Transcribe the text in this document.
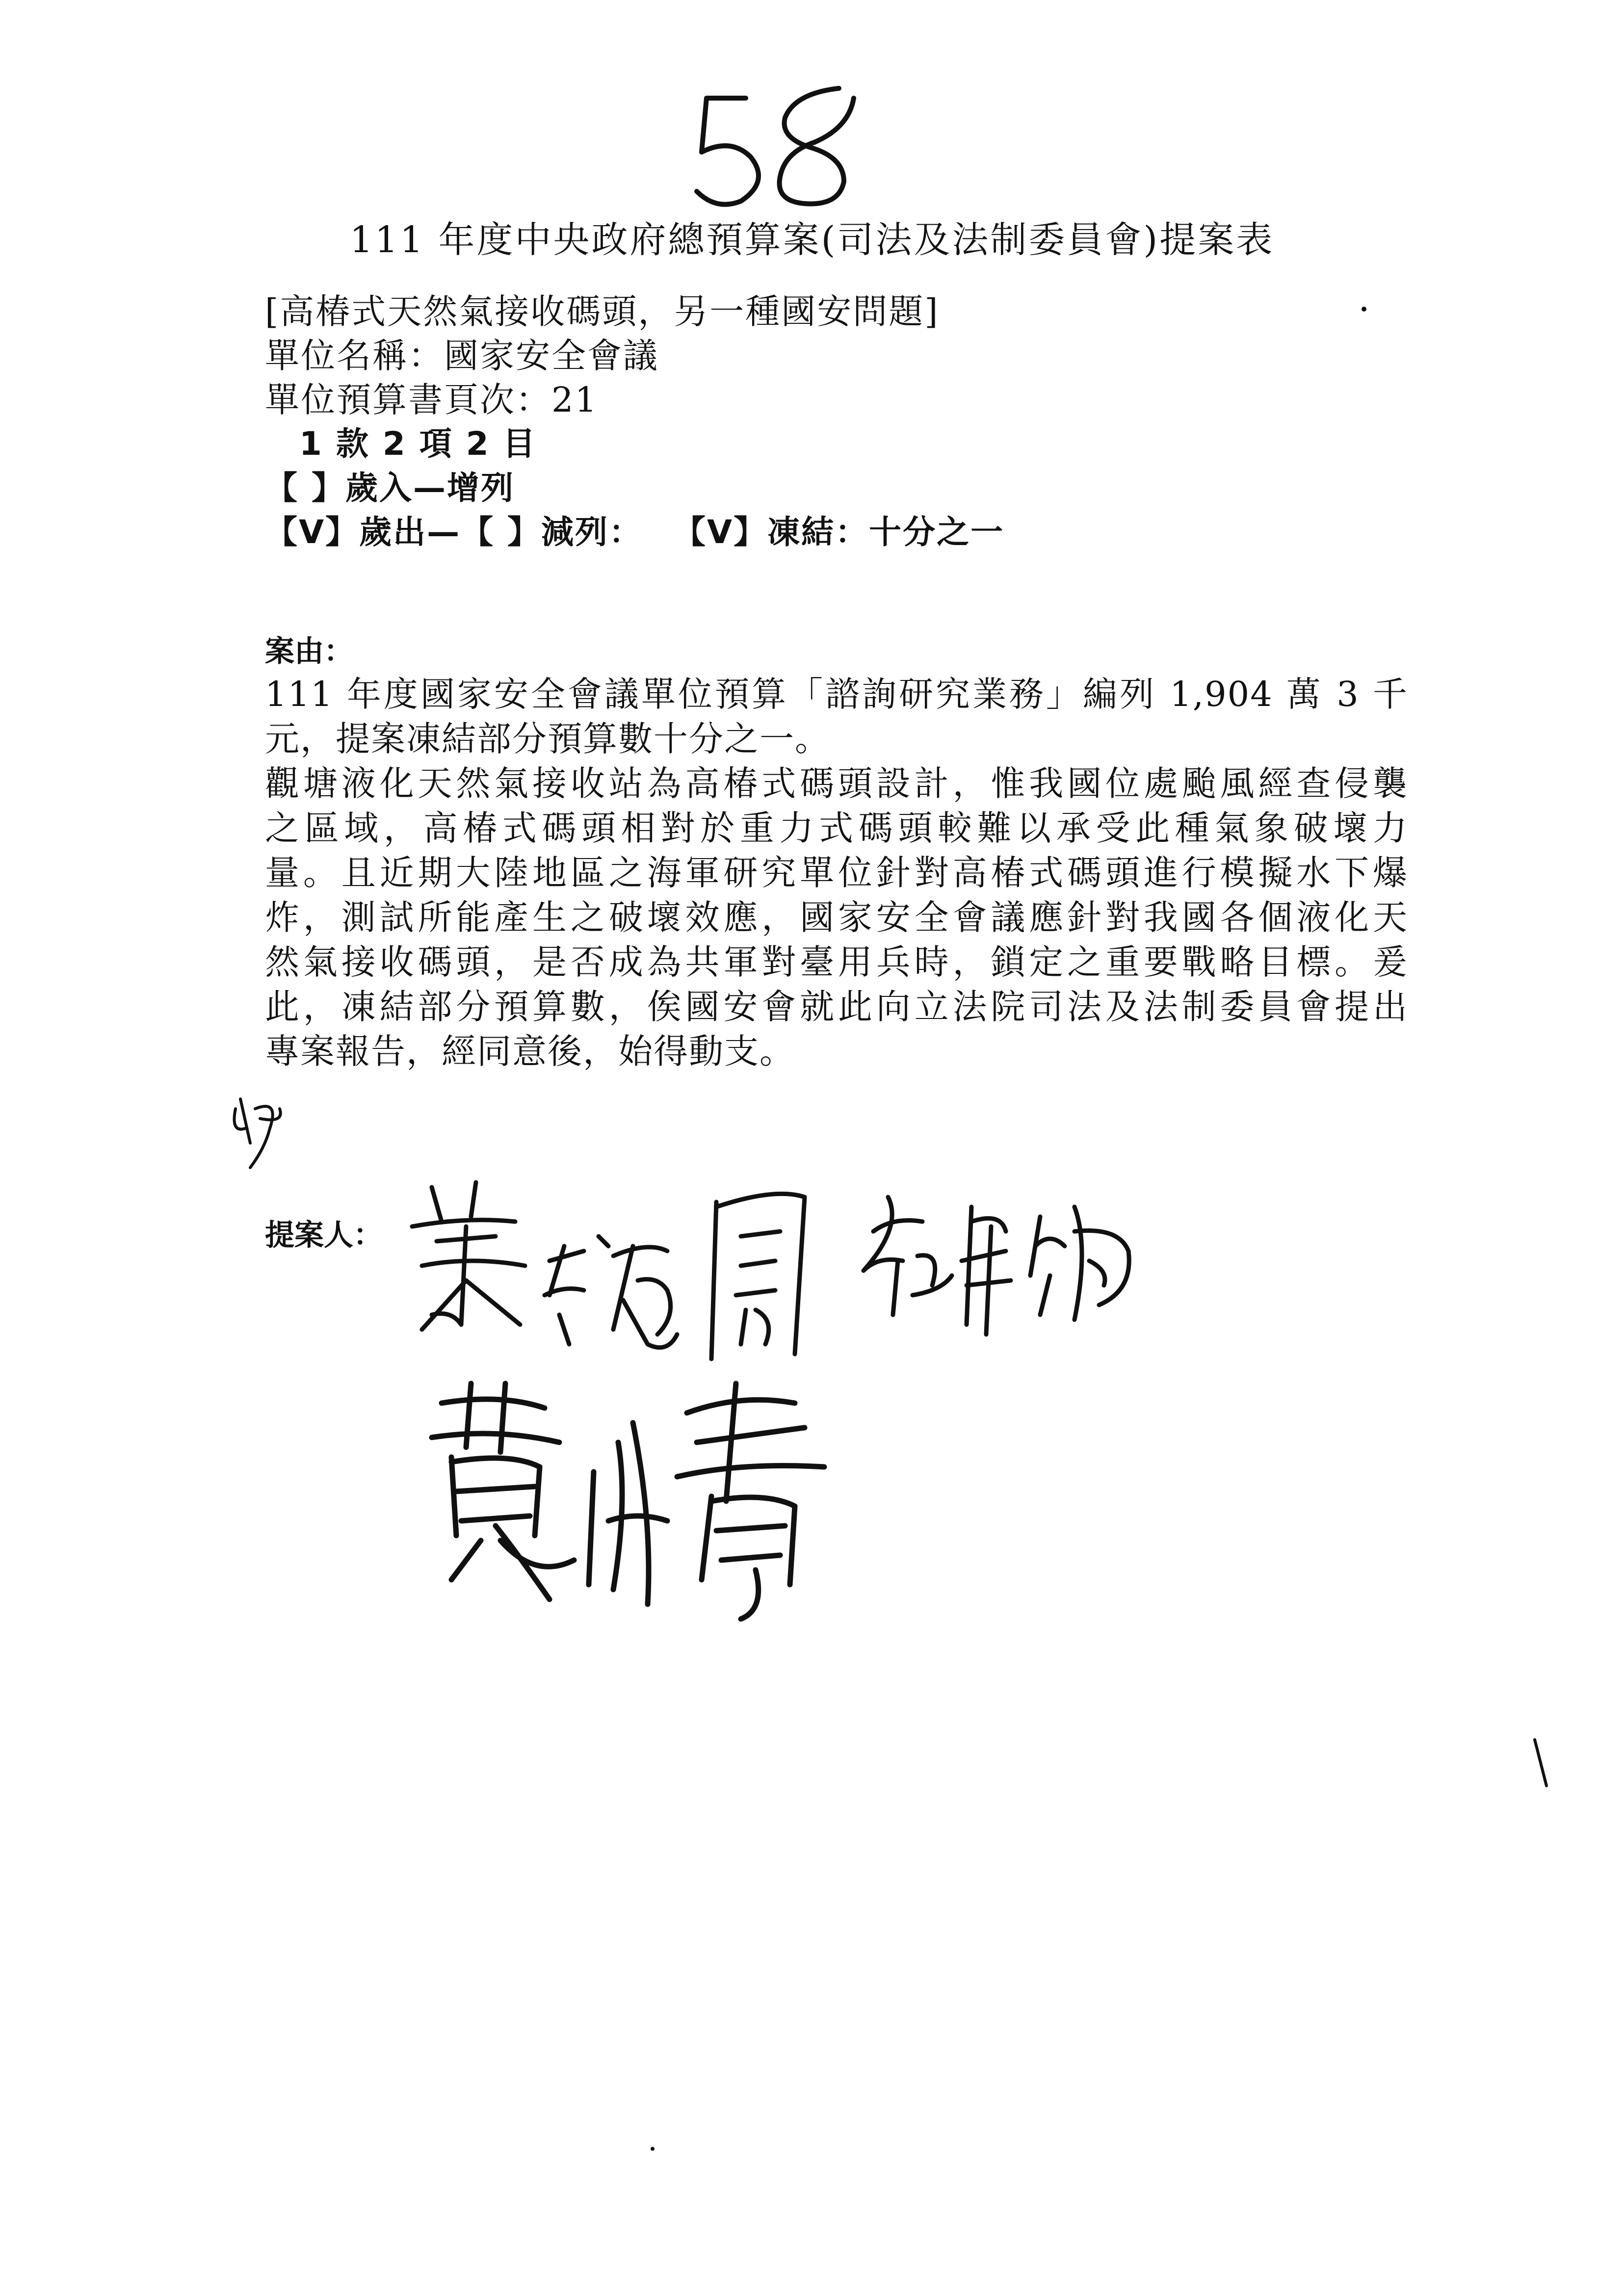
111 年度中央政府總預算案(司法及法制委員會)提案表
[高椿式天然氣接收碼頭，另一種國安問題]
單位名稱：國家安全會議
單位預算書頁次：21
1 款 2 項 2 目
【 】歲入—增列
【V】歲出—【 】減列：　 【V】凍結：十分之一
案由：
111 年度國家安全會議單位預算「諮詢研究業務」編列 1,904 萬 3 千
元，提案凍結部分預算數十分之一。
觀塘液化天然氣接收站為高椿式碼頭設計，惟我國位處颱風經查侵襲
之區域，高椿式碼頭相對於重力式碼頭較難以承受此種氣象破壞力
量。且近期大陸地區之海軍研究單位針對高椿式碼頭進行模擬水下爆
炸，測試所能產生之破壞效應，國家安全會議應針對我國各個液化天
然氣接收碼頭，是否成為共軍對臺用兵時，鎖定之重要戰略目標。爰
此，凍結部分預算數，俟國安會就此向立法院司法及法制委員會提出
專案報告，經同意後，始得動支。
提案人：
